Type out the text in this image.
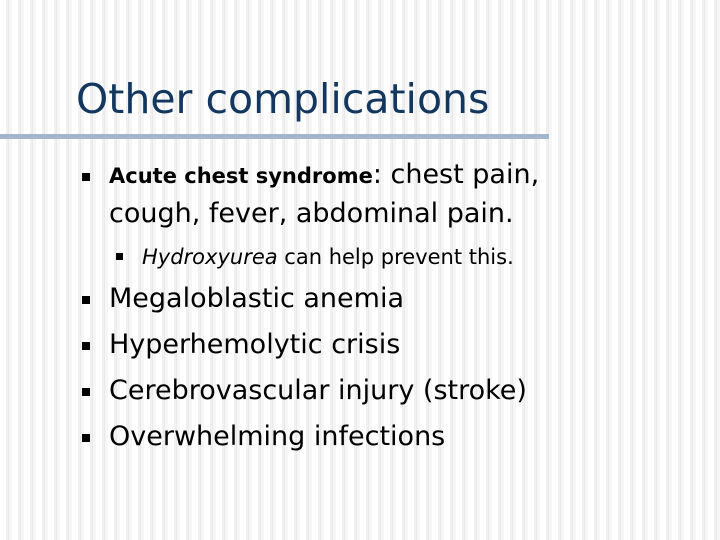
Other complications
Acute chest syndrome: chest pain,
cough, fever, abdominal pain.
Hydroxyurea can help prevent this.
Megaloblastic anemia
Hyperhemolytic crisis
Cerebrovascular injury (stroke)
Overwhelming infections
